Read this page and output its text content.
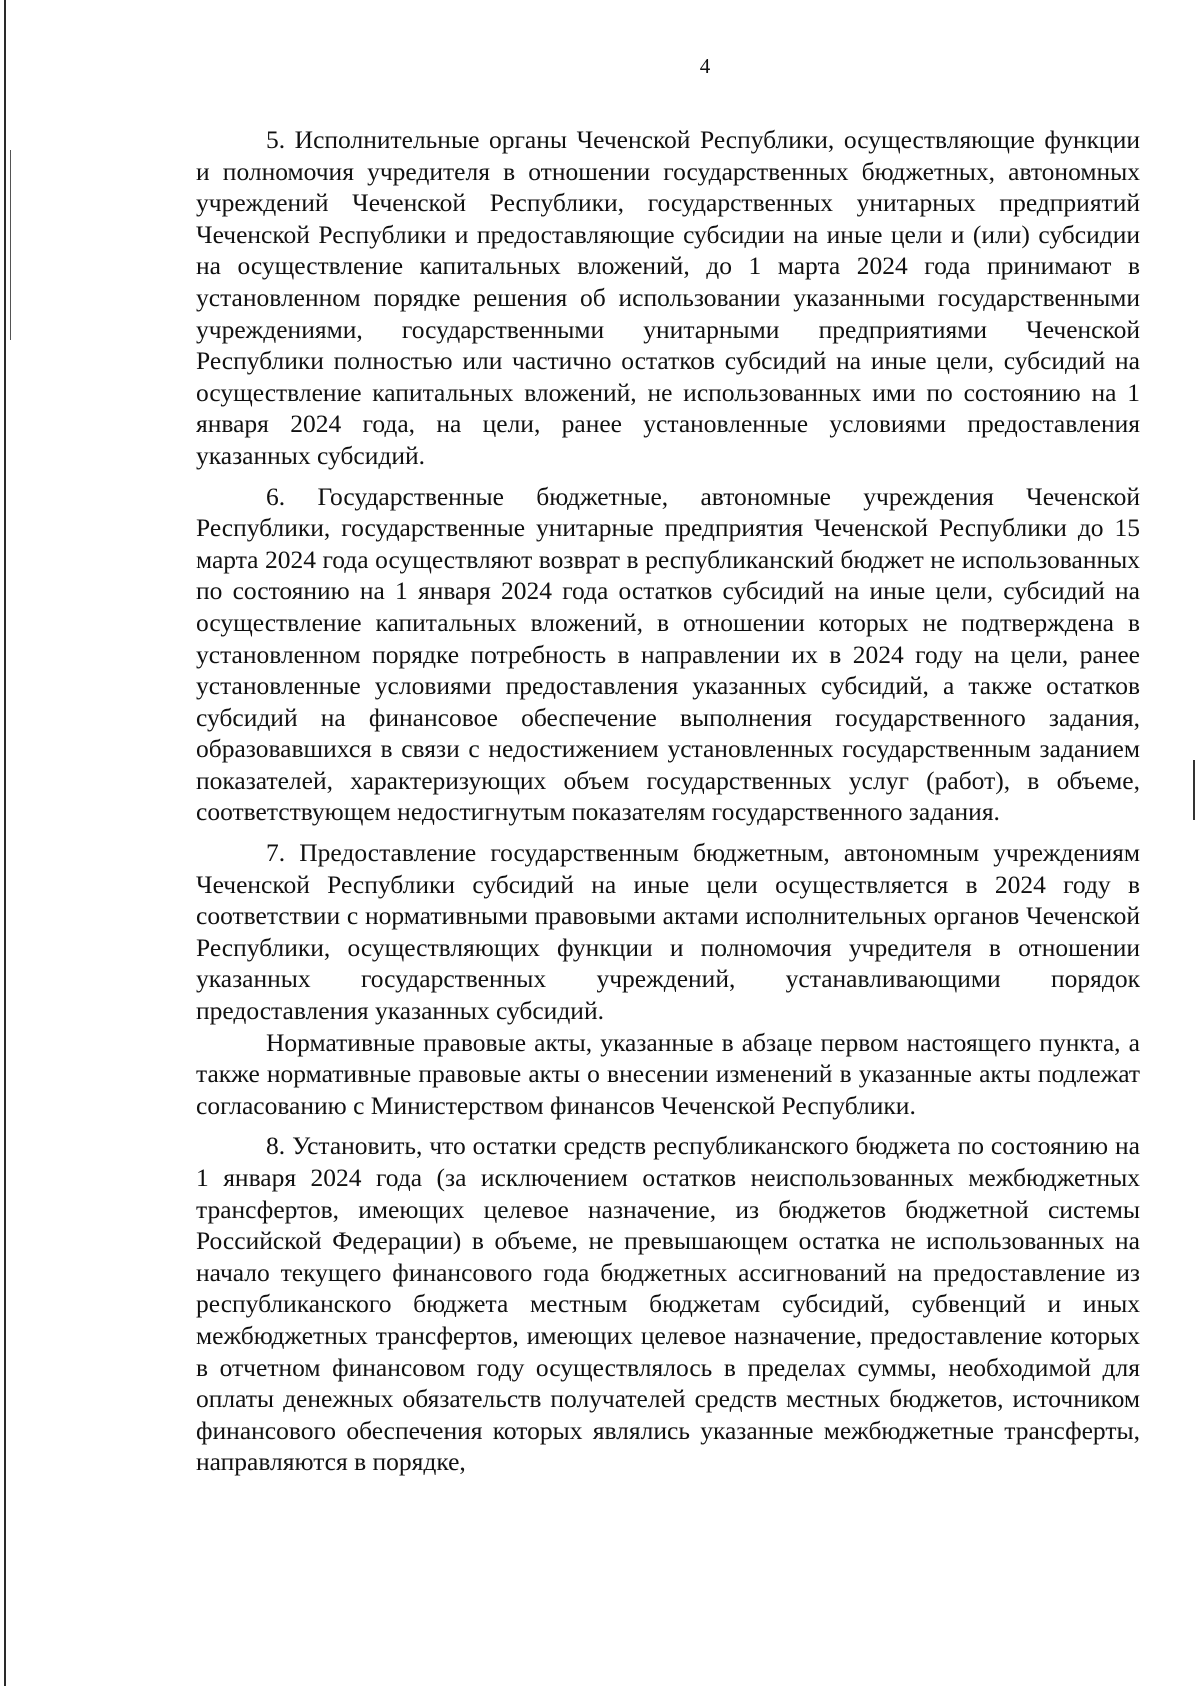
4

5. Исполнительные органы Чеченской Республики, осуществляющие функции и полномочия учредителя в отношении государственных бюджетных, автономных учреждений Чеченской Республики, государственных унитарных предприятий Чеченской Республики и предоставляющие субсидии на иные цели и (или) субсидии на осуществление капитальных вложений, до 1 марта 2024 года принимают в установленном порядке решения об использовании указанными государственными учреждениями, государственными унитарными предприятиями Чеченской Республики полностью или частично остатков субсидий на иные цели, субсидий на осуществление капитальных вложений, не использованных ими по состоянию на 1 января 2024 года, на цели, ранее установленные условиями предоставления указанных субсидий.

6. Государственные бюджетные, автономные учреждения Чеченской Республики, государственные унитарные предприятия Чеченской Республики до 15 марта 2024 года осуществляют возврат в республиканский бюджет не использованных по состоянию на 1 января 2024 года остатков субсидий на иные цели, субсидий на осуществление капитальных вложений, в отношении которых не подтверждена в установленном порядке потребность в направлении их в 2024 году на цели, ранее установленные условиями предоставления указанных субсидий, а также остатков субсидий на финансовое обеспечение выполнения государственного задания, образовавшихся в связи с недостижением установленных государственным заданием показателей, характеризующих объем государственных услуг (работ), в объеме, соответствующем недостигнутым показателям государственного задания.

7. Предоставление государственным бюджетным, автономным учреждениям Чеченской Республики субсидий на иные цели осуществляется в 2024 году в соответствии с нормативными правовыми актами исполнительных органов Чеченской Республики, осуществляющих функции и полномочия учредителя в отношении указанных государственных учреждений, устанавливающими порядок предоставления указанных субсидий.

Нормативные правовые акты, указанные в абзаце первом настоящего пункта, а также нормативные правовые акты о внесении изменений в указанные акты подлежат согласованию с Министерством финансов Чеченской Республики.

8. Установить, что остатки средств республиканского бюджета по состоянию на 1 января 2024 года (за исключением остатков неиспользованных межбюджетных трансфертов, имеющих целевое назначение, из бюджетов бюджетной системы Российской Федерации) в объеме, не превышающем остатка не использованных на начало текущего финансового года бюджетных ассигнований на предоставление из республиканского бюджета местным бюджетам субсидий, субвенций и иных межбюджетных трансфертов, имеющих целевое назначение, предоставление которых в отчетном финансовом году осуществлялось в пределах суммы, необходимой для оплаты денежных обязательств получателей средств местных бюджетов, источником финансового обеспечения которых являлись указанные межбюджетные трансферты, направляются в порядке,
